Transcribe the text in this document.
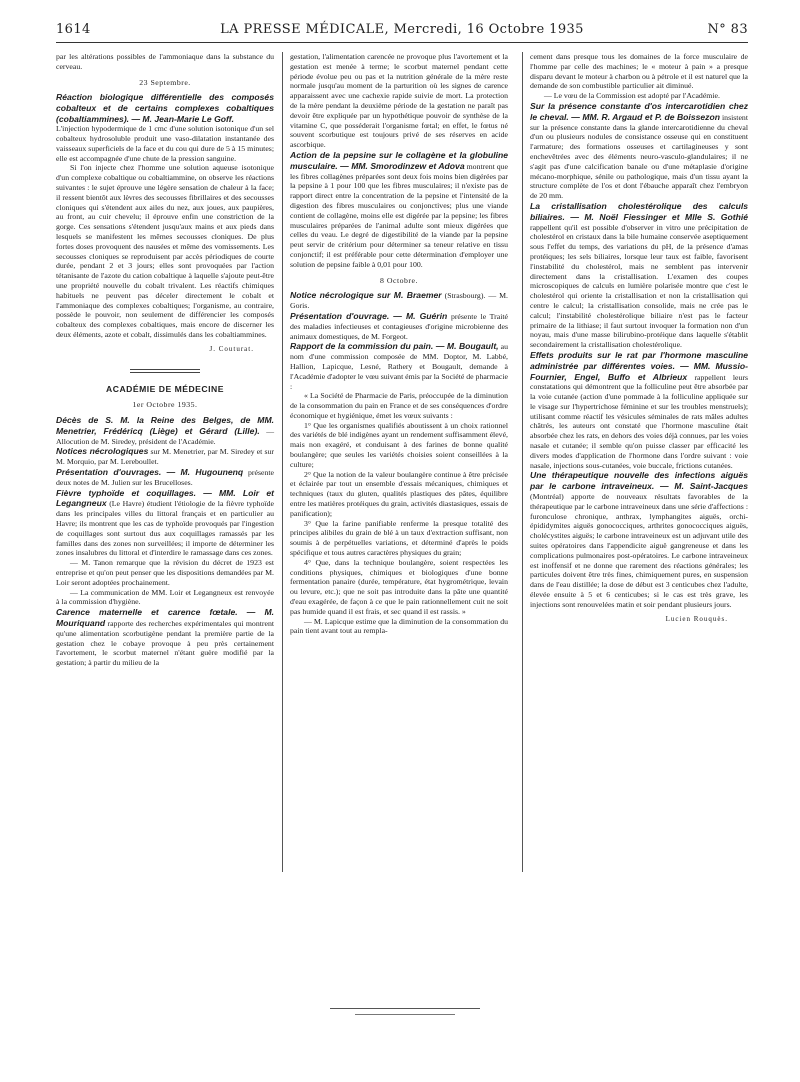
1614	LA PRESSE MÉDICALE, Mercredi, 16 Octobre 1935	N° 83

par les altérations possibles de l'ammoniaque dans la substance du cerveau.

23 Septembre.

Réaction biologique différentielle des composés cobalteux et de certains complexes cobaltiques (cobaltiammines). — M. Jean-Marie Le Goff.

L'injection hypodermique de 1 cmc d'une solution isotonique d'un sel cobalteux hydrosoluble produit une vaso-dilatation instantanée des vaisseaux superficiels de la face et du cou qui dure de 5 à 15 minutes; elle est accompagnée d'une chute de la pression sanguine.

Si l'on injecte chez l'homme une solution aqueuse isotonique d'un complexe cobaltique ou cobaltiammine, on observe les réactions suivantes : le sujet éprouve une légère sensation de chaleur à la face; il ressent bientôt aux lèvres des secousses fibrillaires et des secousses cloniques qui s'étendent aux ailes du nez, aux joues, aux paupières, au front, au cuir chevelu; il éprouve enfin une constriction de la gorge. Ces sensations s'étendent jusqu'aux mains et aux pieds dans lesquels se manifestent les mêmes secousses cloniques. De plus fortes doses provoquent des nausées et même des vomissements. Les secousses cloniques se reproduisent par accès périodiques de courte durée, pendant 2 et 3 jours; elles sont provoquées par l'action tétanisante de l'azote du cation cobaltique à laquelle s'ajoute peut-être une propriété nouvelle du cobalt trivalent. Les réactifs chimiques habituels ne peuvent pas déceler directement le cobalt et l'ammoniaque des complexes cobaltiques; l'organisme, au contraire, possède le pouvoir, non seulement de différencier les composés cobalteux des complexes cobaltiques, mais encore de discerner les deux éléments, azote et cobalt, dissimulés dans les cobaltiammines.

J. Couturat.

ACADÉMIE DE MÉDECINE

1er Octobre 1935.

Décès de S. M. la Reine des Belges, de MM. Menetrier, Frédéricq (Liège) et Gérard (Lille). — Allocution de M. Siredey, président de l'Académie.

Notices nécrologiques sur M. Menetrier, par M. Siredey et sur M. Morquio, par M. Lereboullet.

Présentation d'ouvrages. — M. Hugounenq présente deux notes de M. Julien sur les Brucelloses.

Fièvre typhoïde et coquillages. — MM. Loir et Legangneux (Le Havre) étudient l'étiologie de la fièvre typhoïde dans les principales villes du littoral français et en particulier au Havre; ils montrent que les cas de typhoïde provoqués par l'ingestion de coquillages sont surtout dus aux coquillages ramassés par les familles dans des zones non surveillées; il importe de déterminer les zones insalubres du littoral et d'interdire le ramassage dans ces zones.

— M. Tanon remarque que la révision du décret de 1923 est entreprise et qu'on peut penser que les dispositions demandées par M. Loir seront adoptées prochainement.

— La communication de MM. Loir et Legangneux est renvoyée à la commission d'hygiène.

Carence maternelle et carence fœtale. — M. Mouriquand rapporte des recherches expérimentales qui montrent qu'une alimentation scorbutigène pendant la première partie de la gestation chez le cobaye provoque à peu près certainement l'avortement, le scorbut maternel n'étant guère modifié par la gestation; à partir du milieu de la

gestation, l'alimentation carencée ne provoque plus l'avortement et la gestation est menée à terme; le scorbut maternel pendant cette période évolue peu ou pas et la nutrition générale de la mère reste normale jusqu'au moment de la parturition où les signes de carence apparaissent avec une cachexie rapide suivie de mort. La protection de la mère pendant la deuxième période de la gestation ne paraît pas devoir être expliquée par un hypothétique pouvoir de synthèse de la vitamine C, que posséderait l'organisme fœtal; en effet, le fœtus né souvent scorbutique est toujours privé de ses réserves en acide ascorbique.

Action de la pepsine sur le collagène et la globuline musculaire. — MM. Smorodinzew et Adova montrent que les fibres collagènes préparées sont deux fois moins bien digérées par la pepsine à 1 pour 100 que les fibres musculaires; il n'existe pas de rapport direct entre la concentration de la pepsine et l'intensité de la digestion des fibres musculaires ou conjonctives; plus une viande contient de collagène, moins elle est digérée par la pepsine; les fibres musculaires préparées de l'animal adulte sont mieux digérées que celles du veau. Le degré de digestibilité de la viande par la pepsine peut servir de critérium pour déterminer sa teneur relative en tissu conjonctif; il est préférable pour cette détermination d'employer une solution de pepsine faible à 0,01 pour 100.

8 Octobre.

Notice nécrologique sur M. Braemer (Strasbourg). — M. Goris.

Présentation d'ouvrage. — M. Guérin présente le Traité des maladies infectieuses et contagieuses d'origine microbienne des animaux domestiques, de M. Forgeot.

Rapport de la commission du pain. — M. Bougault, au nom d'une commission composée de MM. Doptor, M. Labbé, Hallion, Lapicque, Lesné, Rathery et Bougault, demande à l'Académie d'adopter le vœu suivant émis par la Société de pharmacie :

« La Société de Pharmacie de Paris, préoccupée de la diminution de la consommation du pain en France et de ses conséquences d'ordre économique et hygiénique, émet les vœux suivants :

1° Que les organismes qualifiés aboutissent à un choix rationnel des variétés de blé indigènes ayant un rendement suffisamment élevé, mais non exagéré, et conduisant à des farines de bonne qualité boulangère; que seules les variétés choisies soient conseillées à la culture;

2° Que la notion de la valeur boulangère continue à être précisée et éclairée par tout un ensemble d'essais mécaniques, chimiques et techniques (taux du gluten, qualités plastiques des pâtes, équilibre entre les matières protéiques du grain, activités diastasiques, essais de panification);

3° Que la farine panifiable renferme la presque totalité des principes alibiles du grain de blé à un taux d'extraction suffisant, non soumis à de perpétuelles variations, et déterminé d'après le poids spécifique et tous autres caractères physiques du grain;

4° Que, dans la technique boulangère, soient respectées les conditions physiques, chimiques et biologiques d'une bonne fermentation panaire (durée, température, état hygrométrique, levain ou levure, etc.); que ne soit pas introduite dans la pâte une quantité d'eau exagérée, de façon à ce que le pain rationnellement cuit ne soit pas humide quand il est frais, et sec quand il est rassis. »

— M. Lapicque estime que la diminution de la consommation du pain tient avant tout au rempla-

cement dans presque tous les domaines de la force musculaire de l'homme par celle des machines; le « moteur à pain » a presque disparu devant le moteur à charbon ou à pétrole et il est naturel que la demande de son combustible particulier ait diminué.

— Le vœu de la Commission est adopté par l'Académie.

Sur la présence constante d'os intercarotidien chez le cheval. — MM. R. Argaud et P. de Boissezon insistent sur la présence constante dans la glande intercarotidienne du cheval d'un ou plusieurs nodules de consistance osseuse qui en constituent l'armature; des formations osseuses et cartilagineuses y sont enchevêtrées avec des éléments neuro-vasculo-glandulaires; il ne s'agit pas d'une calcification banale ou d'une métaplasie d'origine mécano-morphique, sénile ou pathologique, mais d'un tissu ayant la structure complète de l'os et dont l'ébauche apparaît chez l'embryon de 20 mm.

La cristallisation cholestérolique des calculs biliaires. — M. Noël Fiessinger et Mlle S. Gothié rappellent qu'il est possible d'observer in vitro une précipitation de cholestérol en cristaux dans la bile humaine conservée aseptiquement sous l'effet du temps, des variations du pH, de la présence d'amas protéiques; les sels biliaires, lorsque leur taux est faible, favorisent l'instabilité du cholestérol, mais ne semblent pas intervenir directement dans la cristallisation. L'examen des coupes microscopiques de calculs en lumière polarisée montre que c'est le cholestérol qui oriente la cristallisation et non la cristallisation qui centre le calcul; la cristallisation consolide, mais ne crée pas le calcul; l'instabilité cholestérolique biliaire n'est pas le facteur primaire de la lithiase; il faut surtout invoquer la formation non d'un noyau, mais d'une masse bilirubino-protéique dans laquelle s'établit secondairement la cristallisation cholestérolique.

Effets produits sur le rat par l'hormone masculine administrée par différentes voies. — MM. Mussio-Fournier, Engel, Buffo et Albrieux rappellent leurs constatations qui démontrent que la folliculine peut être absorbée par la voie cutanée (action d'une pommade à la folliculine appliquée sur le visage sur l'hypertrichose féminine et sur les troubles menstruels); utilisant comme réactif les vésicules séminales de rats mâles adultes châtrés, les auteurs ont constaté que l'hormone masculine était absorbée chez les rats, en dehors des voies déjà connues, par les voies nasale et cutanée; il semble qu'on puisse classer par efficacité les divers modes d'application de l'hormone dans l'ordre suivant : voie nasale, injections sous-cutanées, voie buccale, frictions cutanées.

Une thérapeutique nouvelle des infections aiguës par le carbone intraveineux. — M. Saint-Jacques (Montréal) apporte de nouveaux résultats favorables de la thérapeutique par le carbone intraveineux dans une série d'affections : furonculose chronique, anthrax, lymphangites aiguës, orchi-épididymites aiguës gonococciques, arthrites gonococciques aiguës, cholécystites aiguës; le carbone intraveineux est un adjuvant utile des suites opératoires dans l'appendicite aiguë gangreneuse et dans les complications pulmonaires post-opératoires. Le carbone intraveineux est inoffensif et ne donne que rarement des réactions générales; les particules doivent être très fines, chimiquement pures, en suspension dans de l'eau distillée; la dose de début est 3 centicubes chez l'adulte, élevée ensuite à 5 et 6 centicubes; si le cas est très grave, les injections sont renouvelées matin et soir pendant plusieurs jours.

Lucien Rouquès.
